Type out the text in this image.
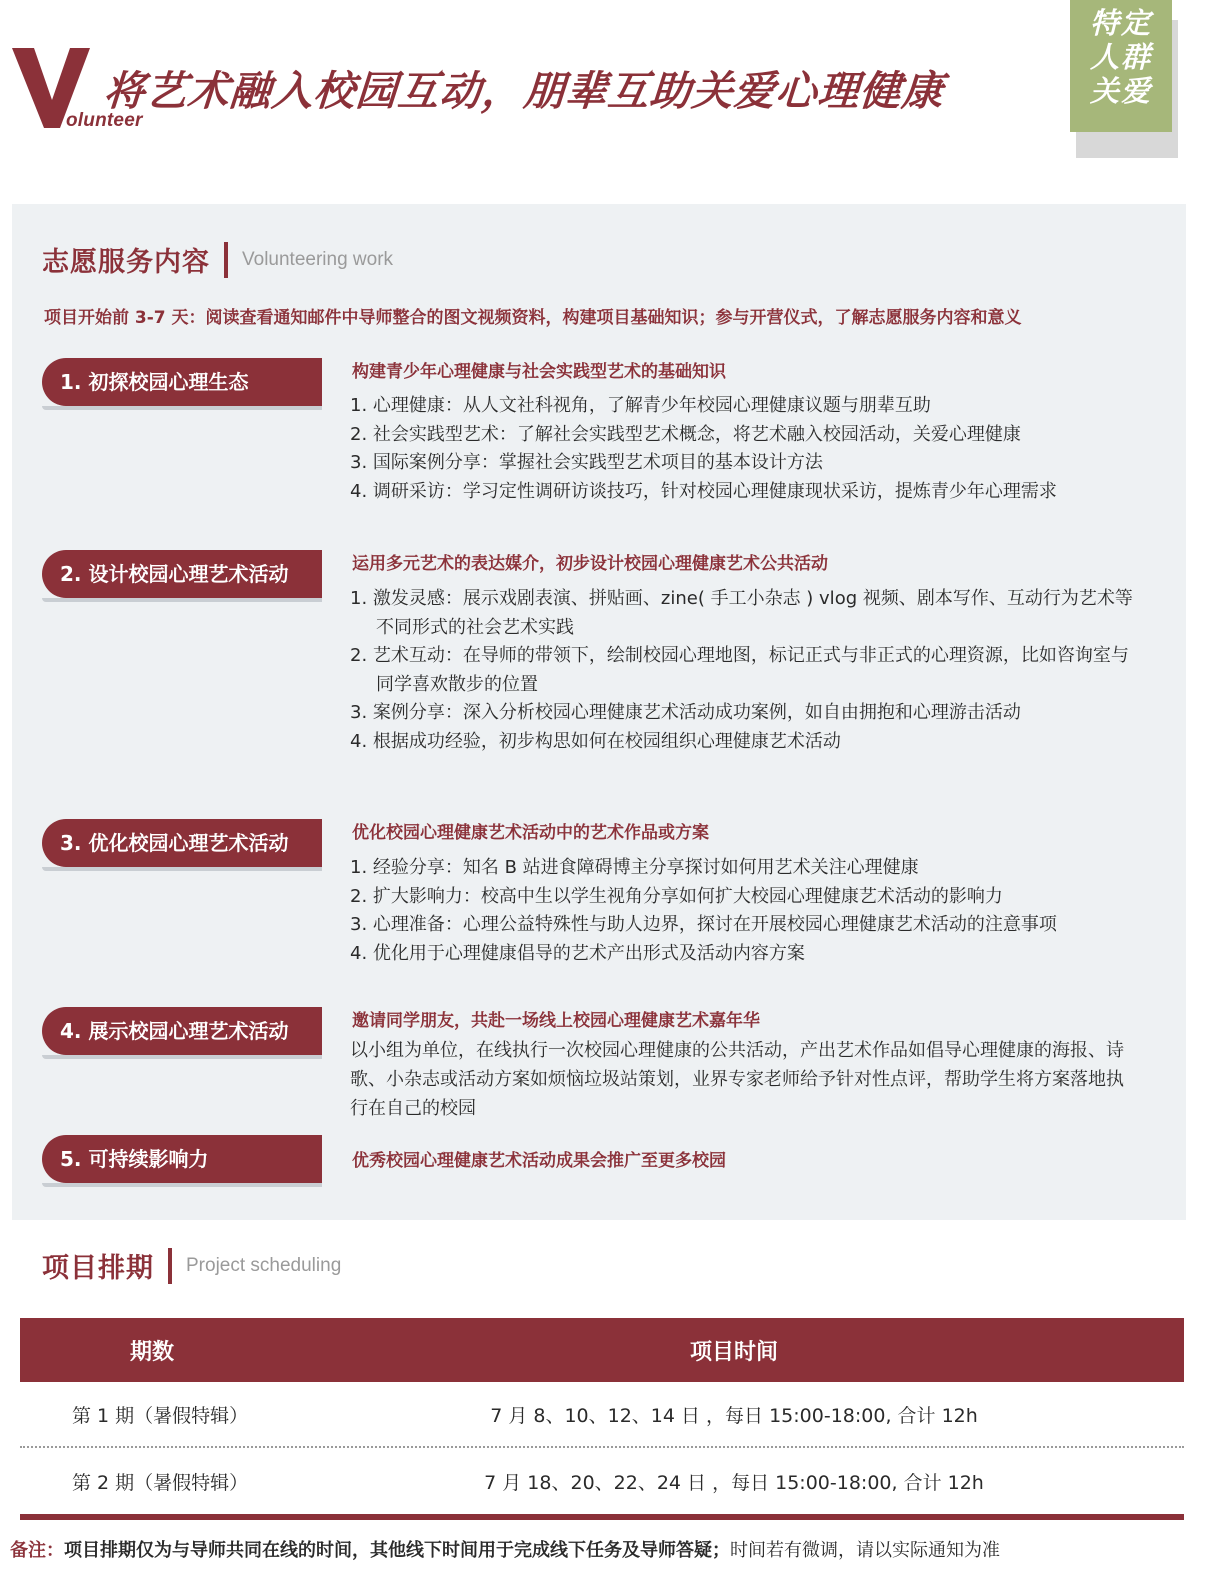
olunteer
将艺术融入校园互动，朋辈互助关爱心理健康
特定
人群
关爱
志愿服务内容 Volunteering work
项目开始前 3-7 天：阅读查看通知邮件中导师整合的图文视频资料，构建项目基础知识；参与开营仪式，了解志愿服务内容和意义
1. 初探校园心理生态	构建青少年心理健康与社会实践型艺术的基础知识
1. 心理健康：从人文社科视角，了解青少年校园心理健康议题与朋辈互助
2. 社会实践型艺术：了解社会实践型艺术概念，将艺术融入校园活动，关爱心理健康
3. 国际案例分享：掌握社会实践型艺术项目的基本设计方法
4. 调研采访：学习定性调研访谈技巧，针对校园心理健康现状采访，提炼青少年心理需求
2. 设计校园心理艺术活动	运用多元艺术的表达媒介，初步设计校园心理健康艺术公共活动
1. 激发灵感：展示戏剧表演、拼贴画、zine( 手工小杂志 ) vlog 视频、剧本写作、互动行为艺术等不同形式的社会艺术实践
2. 艺术互动：在导师的带领下，绘制校园心理地图，标记正式与非正式的心理资源，比如咨询室与同学喜欢散步的位置
3. 案例分享：深入分析校园心理健康艺术活动成功案例，如自由拥抱和心理游击活动
4. 根据成功经验，初步构思如何在校园组织心理健康艺术活动
3. 优化校园心理艺术活动	优化校园心理健康艺术活动中的艺术作品或方案
1. 经验分享：知名 B 站进食障碍博主分享探讨如何用艺术关注心理健康
2. 扩大影响力：校高中生以学生视角分享如何扩大校园心理健康艺术活动的影响力
3. 心理准备：心理公益特殊性与助人边界，探讨在开展校园心理健康艺术活动的注意事项
4. 优化用于心理健康倡导的艺术产出形式及活动内容方案
4. 展示校园心理艺术活动	邀请同学朋友，共赴一场线上校园心理健康艺术嘉年华
以小组为单位，在线执行一次校园心理健康的公共活动，产出艺术作品如倡导心理健康的海报、诗歌、小杂志或活动方案如烦恼垃圾站策划，业界专家老师给予针对性点评，帮助学生将方案落地执行在自己的校园
5. 可持续影响力	优秀校园心理健康艺术活动成果会推广至更多校园
项目排期 Project scheduling
期数	项目时间
第 1 期（暑假特辑）	7 月 8、10、12、14 日 ，每日 15:00-18:00, 合计 12h
第 2 期（暑假特辑）	7 月 18、20、22、24 日 ，每日 15:00-18:00, 合计 12h
备注：项目排期仅为与导师共同在线的时间，其他线下时间用于完成线下任务及导师答疑；时间若有微调，请以实际通知为准
